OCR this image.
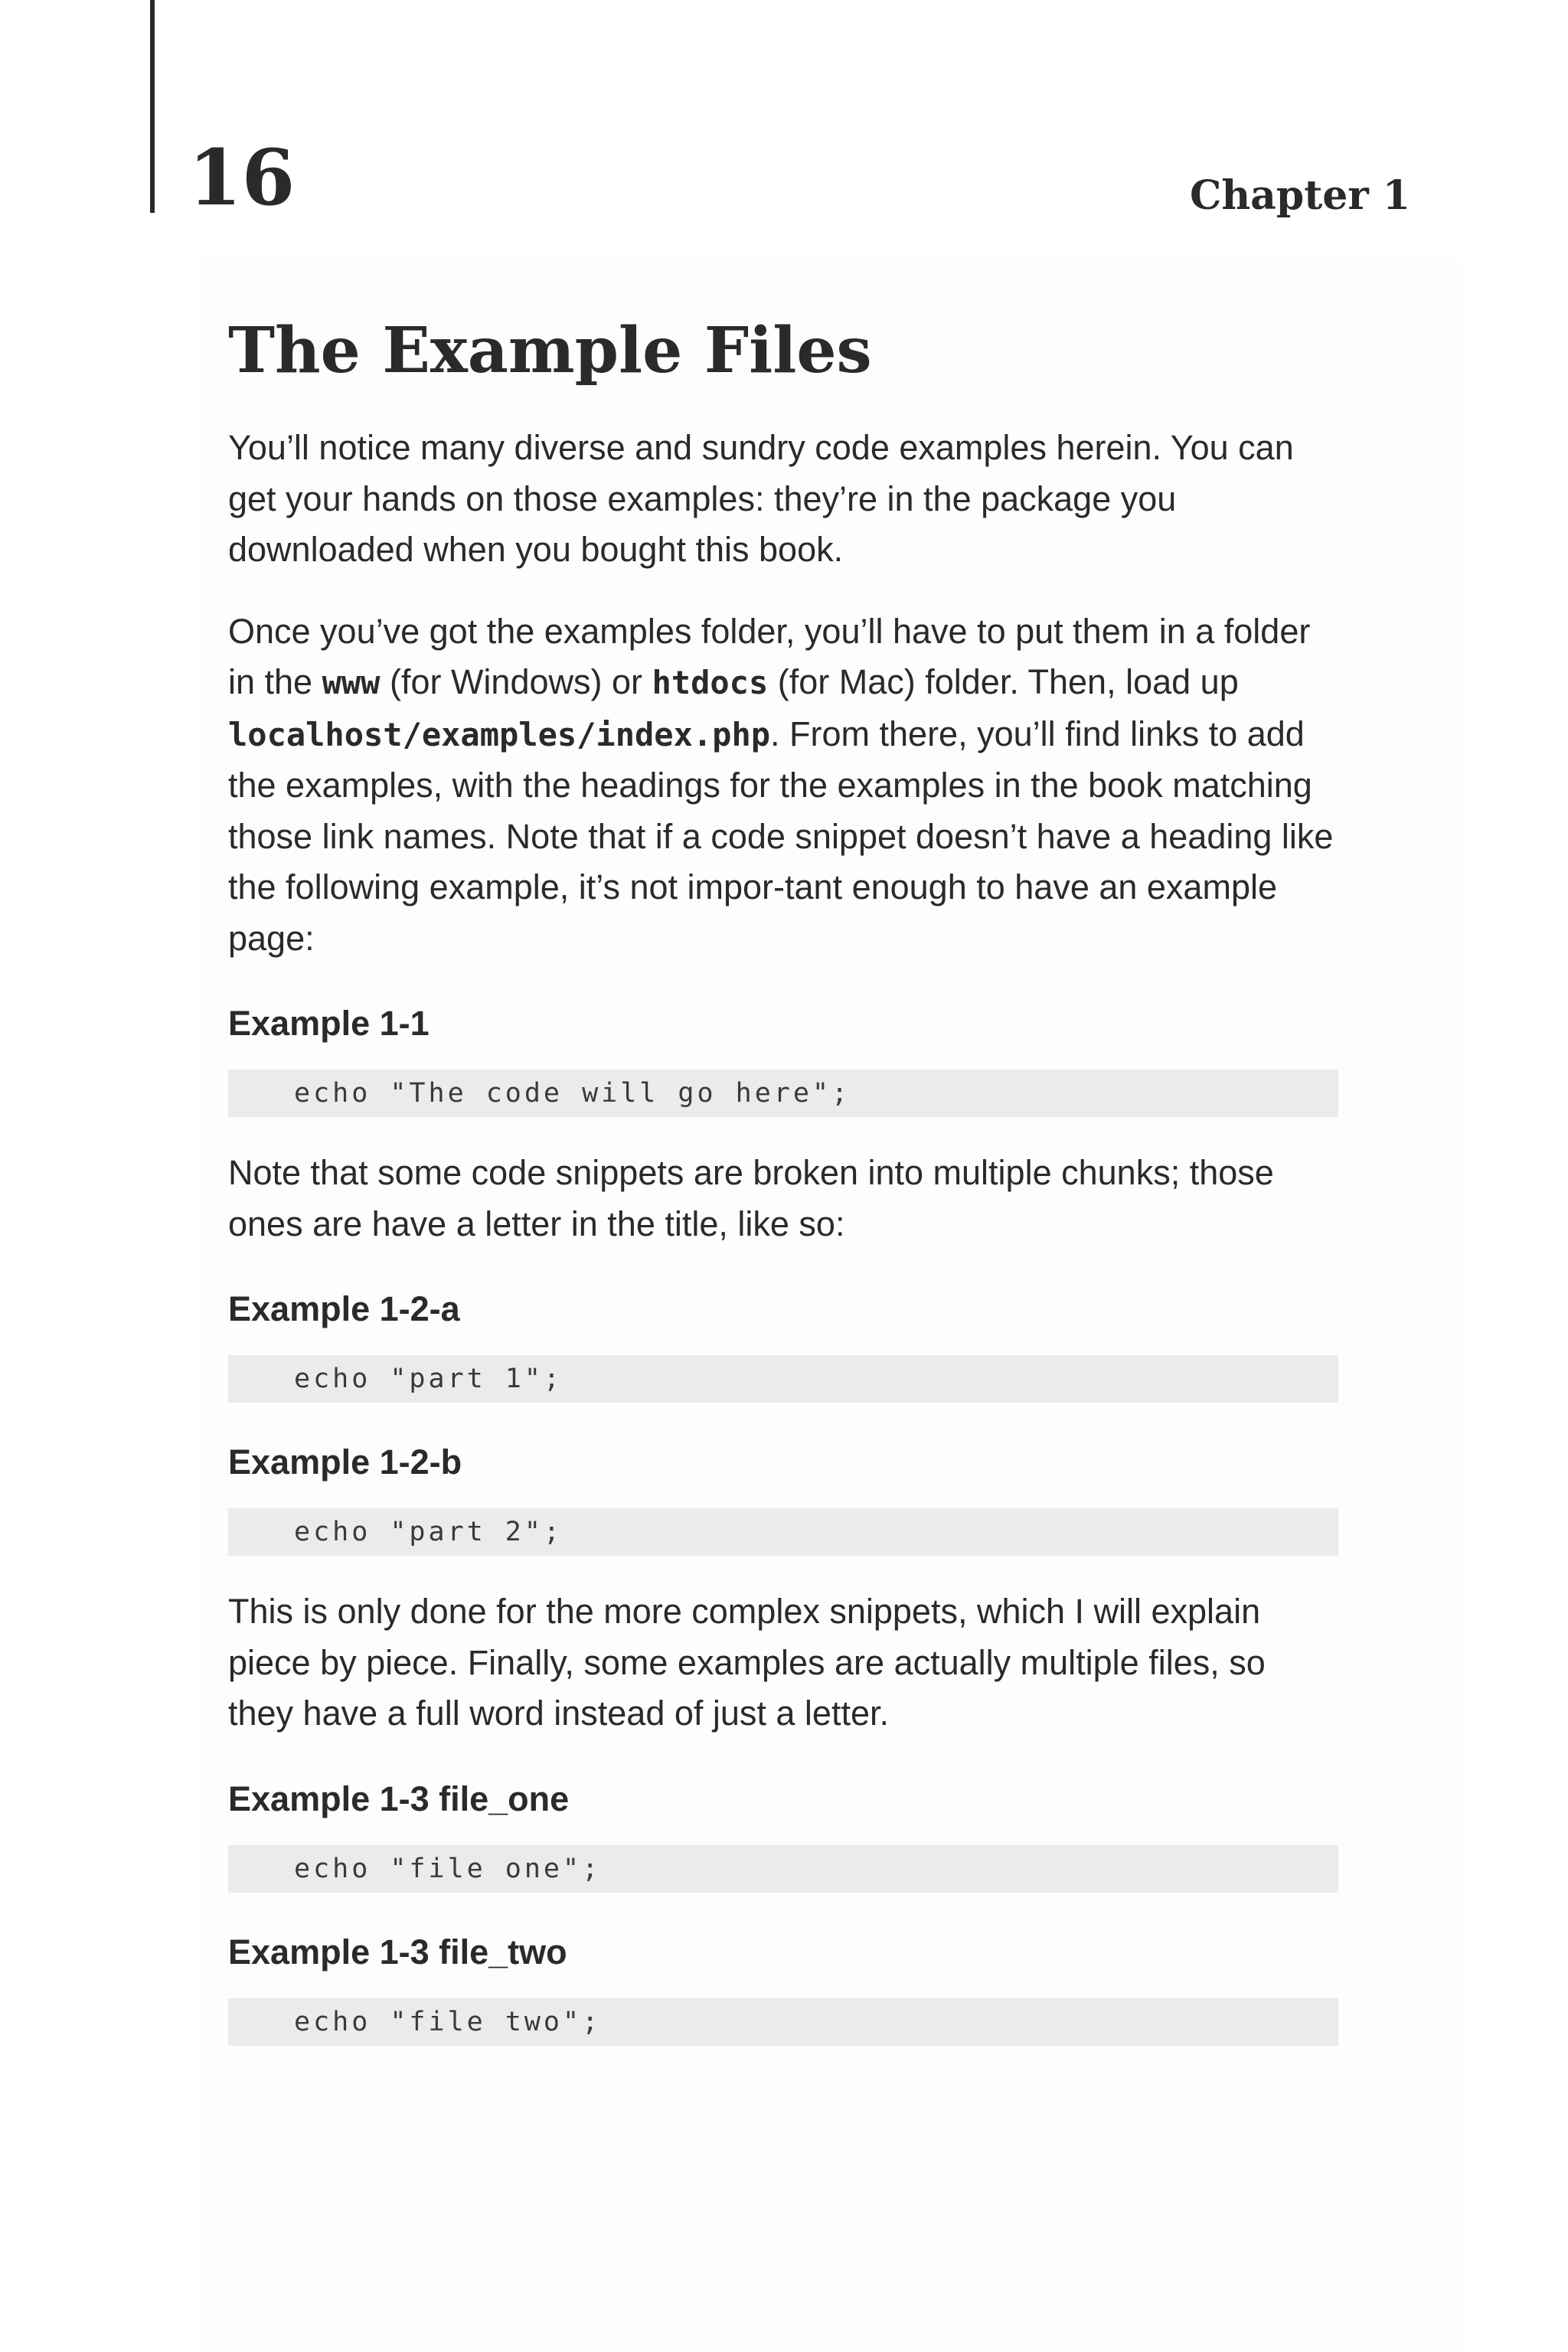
16	Chapter 1
The Example Files

You’ll notice many diverse and sundry code examples herein. You can get your hands on those examples: they’re in the package you downloaded when you bought this book.

Once you’ve got the examples folder, you’ll have to put them in a folder in the www (for Windows) or htdocs (for Mac) folder. Then, load up localhost/examples/index.php. From there, you’ll find links to add the examples, with the headings for the examples in the book matching those link names. Note that if a code snippet doesn’t have a heading like the following example, it’s not impor-tant enough to have an example page:

Example 1-1
echo "The code will go here";

Note that some code snippets are broken into multiple chunks; those ones are have a letter in the title, like so:

Example 1-2-a
echo "part 1";
Example 1-2-b
echo "part 2";

This is only done for the more complex snippets, which I will explain piece by piece. Finally, some examples are actually multiple files, so they have a full word instead of just a letter.

Example 1-3 file_one
echo "file one";
Example 1-3 file_two
echo "file two";
